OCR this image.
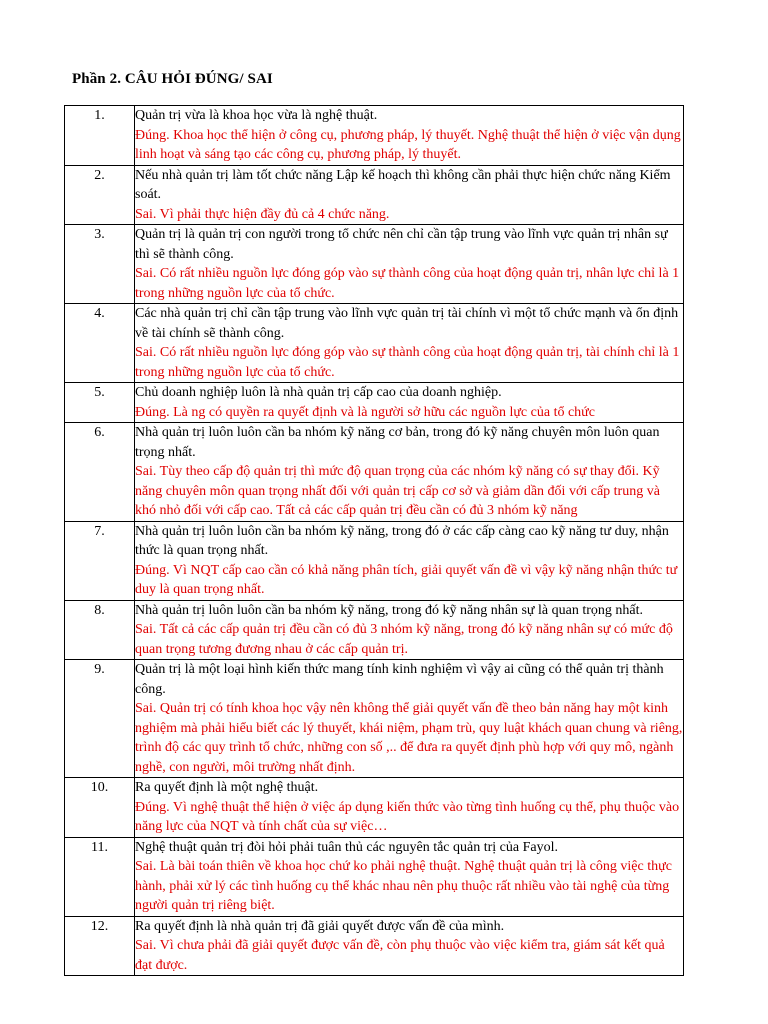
Phần 2. CÂU HỎI ĐÚNG/ SAI
1.	Quản trị vừa là khoa học vừa là nghệ thuật.
Đúng. Khoa học thể hiện ở công cụ, phương pháp, lý thuyết. Nghệ thuật thể hiện ở việc vận dụng linh hoạt và sáng tạo các công cụ, phương pháp, lý thuyết.

2.	Nếu nhà quản trị làm tốt chức năng Lập kế hoạch thì không cần phải thực hiện chức năng Kiểm soát.
Sai. Vì phải thực hiện đầy đủ cả 4 chức năng.

3.	Quản trị là quản trị con người trong tổ chức nên chỉ cần tập trung vào lĩnh vực quản trị nhân sự thì sẽ thành công.
Sai. Có rất nhiều nguồn lực đóng góp vào sự thành công của hoạt động quản trị, nhân lực chỉ là 1 trong những nguồn lực của tổ chức.

4.	Các nhà quản trị chỉ cần tập trung vào lĩnh vực quản trị tài chính vì một tổ chức mạnh và ổn định về tài chính sẽ thành công.
Sai. Có rất nhiều nguồn lực đóng góp vào sự thành công của hoạt động quản trị, tài chính chỉ là 1 trong những nguồn lực của tổ chức.

5.	Chủ doanh nghiệp luôn là nhà quản trị cấp cao của doanh nghiệp.
Đúng. Là ng có quyền ra quyết định và là người sở hữu các nguồn lực của tổ chức

6.	Nhà quản trị luôn luôn cần ba nhóm kỹ năng cơ bản, trong đó kỹ năng chuyên môn luôn quan trọng nhất.
Sai. Tùy theo cấp độ quản trị thì mức độ quan trọng của các nhóm kỹ năng có sự thay đổi. Kỹ năng chuyên môn quan trọng nhất đối với quản trị cấp cơ sở và giảm dần đối với cấp trung và khó nhỏ đối với cấp cao. Tất cả các cấp quản trị đều cần có đủ 3 nhóm kỹ năng

7.	Nhà quản trị luôn luôn cần ba nhóm kỹ năng, trong đó ở các cấp càng cao kỹ năng tư duy, nhận thức là quan trọng nhất.
Đúng. Vì NQT cấp cao cần có khả năng phân tích, giải quyết vấn đề vì vậy kỹ năng nhận thức tư duy là quan trọng nhất.

8.	Nhà quản trị luôn luôn cần ba nhóm kỹ năng, trong đó kỹ năng nhân sự là quan trọng nhất.
Sai. Tất cả các cấp quản trị đều cần có đủ 3 nhóm kỹ năng, trong đó kỹ năng nhân sự có mức độ quan trọng tương đương nhau ở các cấp quản trị.

9.	Quản trị là một loại hình kiến thức mang tính kinh nghiệm vì vậy ai cũng có thể quản trị thành công.
Sai. Quản trị có tính khoa học vậy nên không thể giải quyết vấn đề theo bản năng hay một kinh nghiệm mà phải hiểu biết các lý thuyết, khái niệm, phạm trù, quy luật khách quan chung và riêng, trình độ các quy trình tổ chức, những con số ,.. để đưa ra quyết định phù hợp với quy mô, ngành nghề, con người, môi trường nhất định.

10.	Ra quyết định là một nghệ thuật.
Đúng. Vì nghệ thuật thể hiện ở việc áp dụng kiến thức vào từng tình huống cụ thể, phụ thuộc vào năng lực của NQT và tính chất của sự việc…

11.	Nghệ thuật quản trị đòi hỏi phải tuân thủ các nguyên tắc quản trị của Fayol.
Sai. Là bài toán thiên về khoa học chứ ko phải nghệ thuật. Nghệ thuật quản trị là công việc thực hành, phải xử lý các tình huống cụ thể khác nhau nên phụ thuộc rất nhiều vào tài nghệ của từng người quản trị riêng biệt.

12.	Ra quyết định là nhà quản trị đã giải quyết được vấn đề của mình.
Sai. Vì chưa phải đã giải quyết được vấn đề, còn phụ thuộc vào việc kiểm tra, giám sát kết quả đạt được.
